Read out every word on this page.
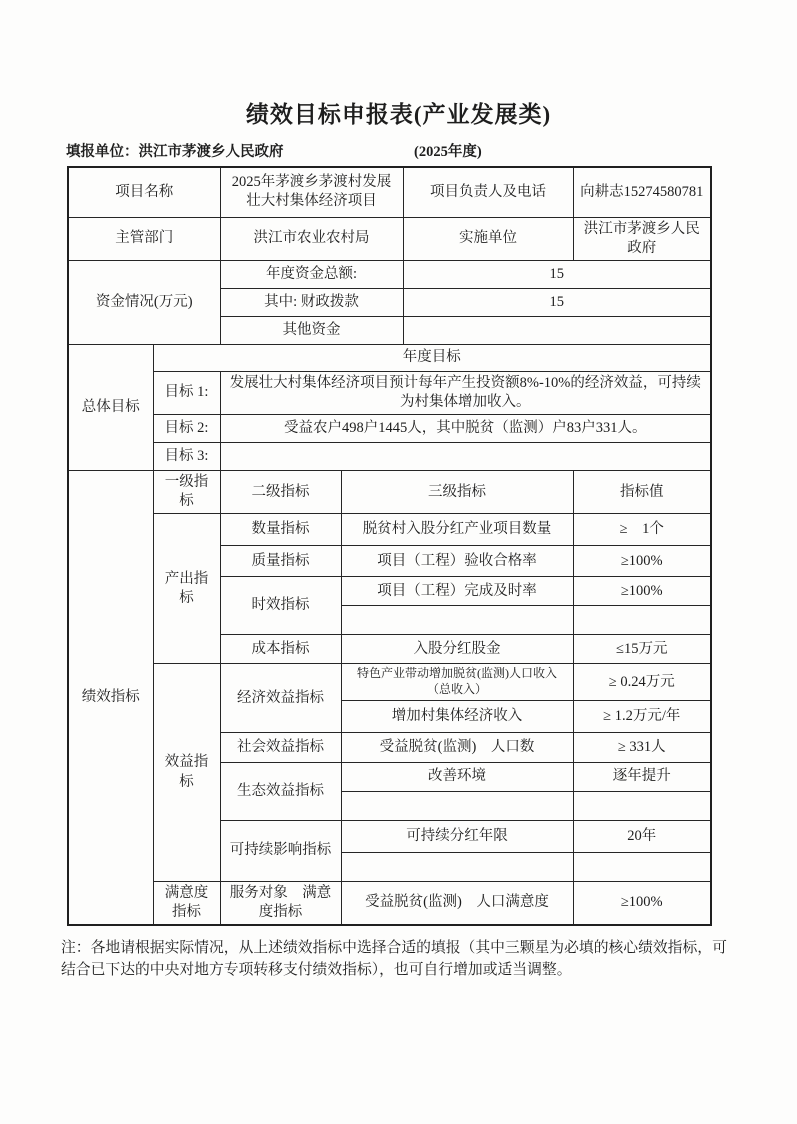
绩效目标申报表(产业发展类)
填报单位：洪江市茅渡乡人民政府	(2025年度)
项目名称		2025年茅渡乡茅渡村发展壮大村集体经济项目		项目负责人及电话	向耕志15274580781
主管部门		洪江市农业农村局		实施单位	洪江市茅渡乡人民政府
资金情况(万元)		年度资金总额:		15	
		其中: 财政拨款		15	
		其他资金			
总体目标	年度目标				
	目标 1:	发展壮大村集体经济项目预计每年产生投资额8%-10%的经济效益，可持续为村集体增加收入。			
	目标 2:	受益农户498户1445人，其中脱贫（监测）户83户331人。			
	目标 3:				
绩效指标	一级指标	二级指标	三级指标		指标值
	产出指标	数量指标	脱贫村入股分红产业项目数量		≥　1个
		质量指标	项目（工程）验收合格率		≥100%
		时效指标	项目（工程）完成及时率		≥100%

		成本指标	入股分红股金		≤15万元
	效益指标	经济效益指标	特色产业带动增加脱贫(监测)人口收入 （总收入）		≥ 0.24万元
			增加村集体经济收入		≥ 1.2万元/年
		社会效益指标	受益脱贫(监测)　人口数		≥ 331人
		生态效益指标	改善环境		逐年提升

		可持续影响指标	可持续分红年限		20年

	满意度指标	服务对象　满意度指标	受益脱贫(监测)　人口满意度		≥100%
注：各地请根据实际情况，从上述绩效指标中选择合适的填报（其中三颗星为必填的核心绩效指标，可结合已下达的中央对地方专项转移支付绩效指标），也可自行增加或适当调整。
